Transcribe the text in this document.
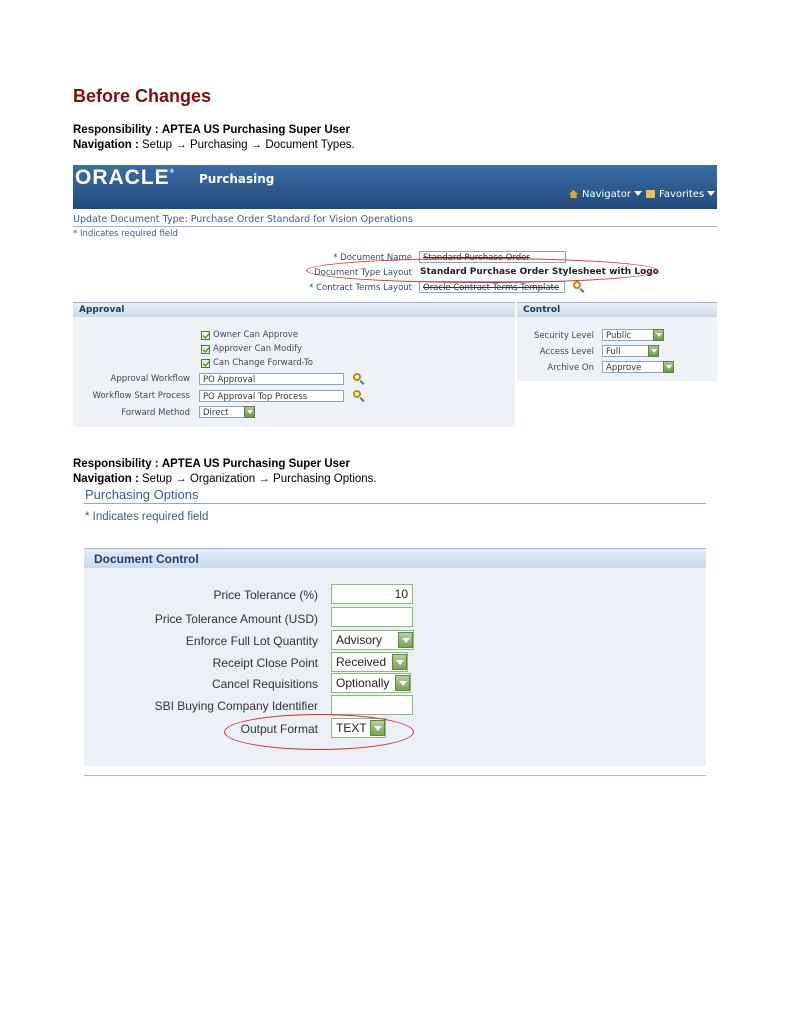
Before Changes
Responsibility : APTEA US Purchasing Super User
Navigation : Setup → Purchasing → Document Types.
ORACLE® Purchasing
Navigator	Favorites
Update Document Type: Purchase Order Standard for Vision Operations
* Indicates required field
* Document Name	Standard Purchase Order
Document Type Layout Standard Purchase Order Stylesheet with Logo
* Contract Terms Layout	Oracle Contract Terms Template
Approval	Control
Owner Can Approve
Approver Can Modify
Can Change Forward-To
Approval Workflow	PO Approval
Workflow Start Process	PO Approval Top Process
Forward Method	Direct
Security Level	Public
Access Level	Full
Archive On	Approve
Responsibility : APTEA US Purchasing Super User
Navigation : Setup → Organization → Purchasing Options.
Purchasing Options
* Indicates required field
Document Control
Price Tolerance (%)	10
Price Tolerance Amount (USD)
Enforce Full Lot Quantity	Advisory
Receipt Close Point	Received
Cancel Requisitions	Optionally
SBI Buying Company Identifier
Output Format	TEXT
